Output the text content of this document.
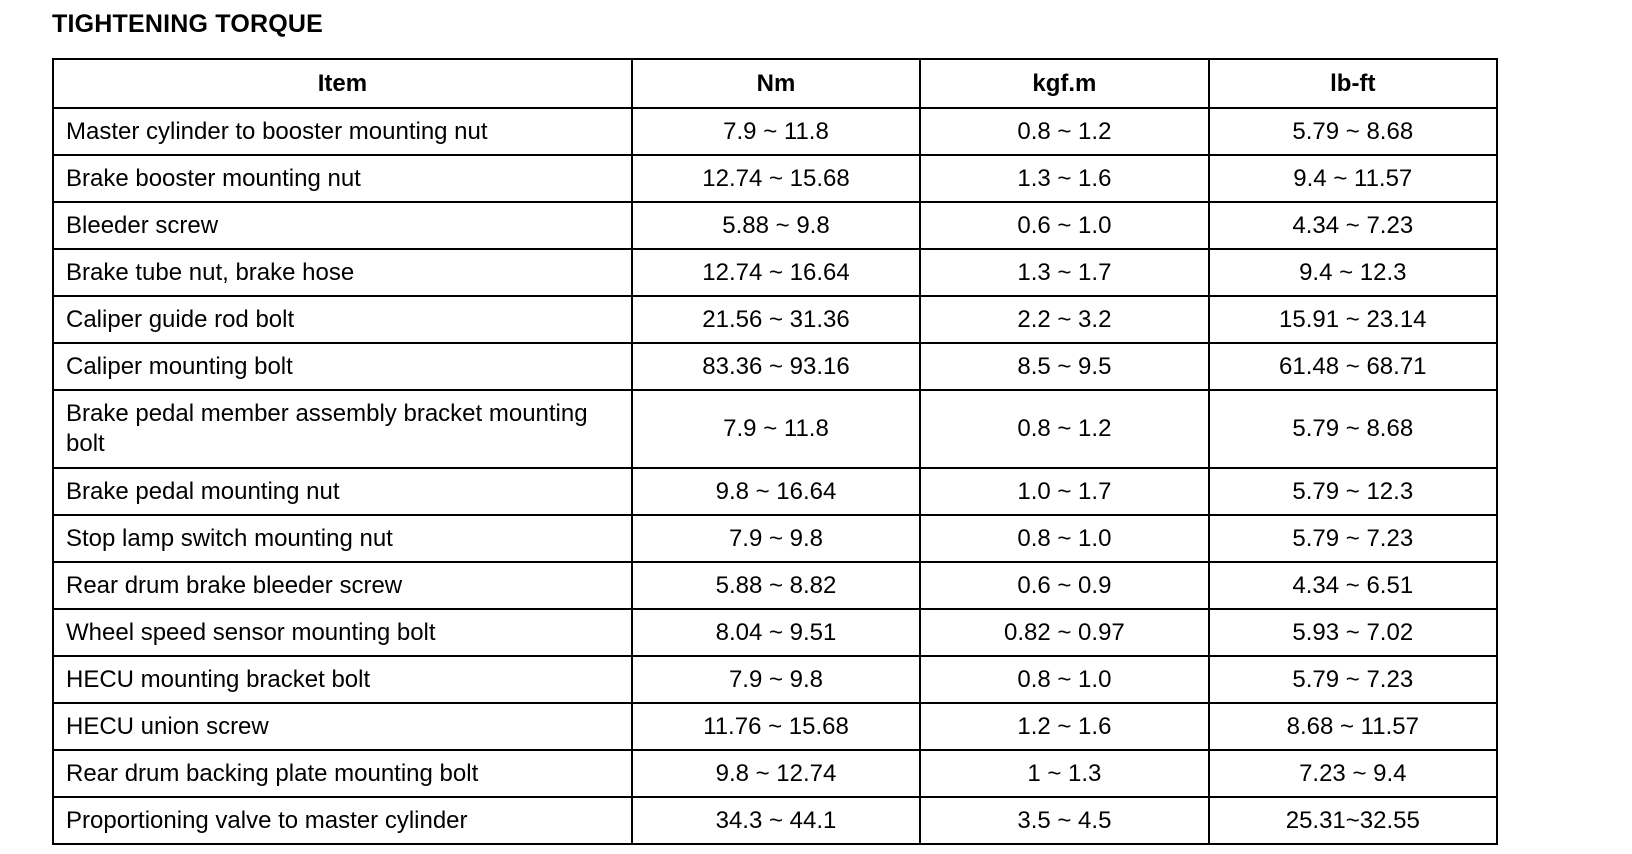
TIGHTENING TORQUE
Item	Nm	kgf.m	lb-ft
Master cylinder to booster mounting nut	7.9 ~ 11.8	0.8 ~ 1.2	5.79 ~ 8.68
Brake booster mounting nut	12.74 ~ 15.68	1.3 ~ 1.6	9.4 ~ 11.57
Bleeder screw	5.88 ~ 9.8	0.6 ~ 1.0	4.34 ~ 7.23
Brake tube nut, brake hose	12.74 ~ 16.64	1.3 ~ 1.7	9.4 ~ 12.3
Caliper guide rod bolt	21.56 ~ 31.36	2.2 ~ 3.2	15.91 ~ 23.14
Caliper mounting bolt	83.36 ~ 93.16	8.5 ~ 9.5	61.48 ~ 68.71
Brake pedal member assembly bracket mounting bolt	7.9 ~ 11.8	0.8 ~ 1.2	5.79 ~ 8.68
Brake pedal mounting nut	9.8 ~ 16.64	1.0 ~ 1.7	5.79 ~ 12.3
Stop lamp switch mounting nut	7.9 ~ 9.8	0.8 ~ 1.0	5.79 ~ 7.23
Rear drum brake bleeder screw	5.88 ~ 8.82	0.6 ~ 0.9	4.34 ~ 6.51
Wheel speed sensor mounting bolt	8.04 ~ 9.51	0.82 ~ 0.97	5.93 ~ 7.02
HECU mounting bracket bolt	7.9 ~ 9.8	0.8 ~ 1.0	5.79 ~ 7.23
HECU union screw	11.76 ~ 15.68	1.2 ~ 1.6	8.68 ~ 11.57
Rear drum backing plate mounting bolt	9.8 ~ 12.74	1 ~ 1.3	7.23 ~ 9.4
Proportioning valve to master cylinder	34.3 ~ 44.1	3.5 ~ 4.5	25.31~32.55
